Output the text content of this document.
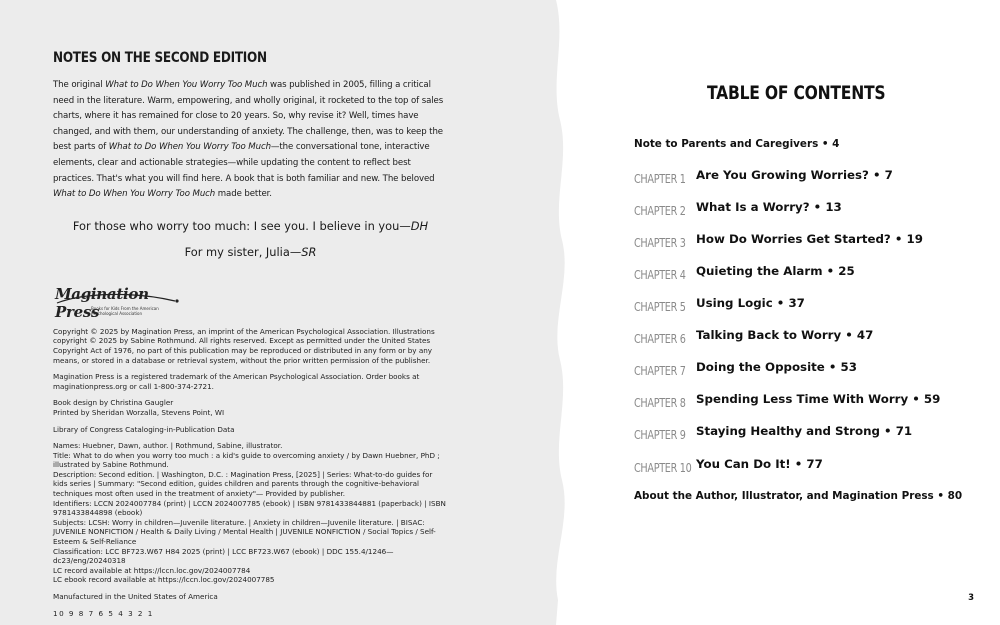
NOTES ON THE SECOND EDITION

The original What to Do When You Worry Too Much was published in 2005, filling a critical need in the literature. Warm, empowering, and wholly original, it rocketed to the top of sales charts, where it has remained for close to 20 years. So, why revise it? Well, times have changed, and with them, our understanding of anxiety. The challenge, then, was to keep the best parts of What to Do When You Worry Too Much—the conversational tone, interactive elements, clear and actionable strategies—while updating the content to reflect best practices. That's what you will find here. A book that is both familiar and new. The beloved What to Do When You Worry Too Much made better.

For those who worry too much: I see you. I believe in you—DH

For my sister, Julia—SR

Magination Press
Books for Kids From the American Psychological Association

Copyright © 2025 by Magination Press, an imprint of the American Psychological Association. Illustrations copyright © 2025 by Sabine Rothmund. All rights reserved. Except as permitted under the United States Copyright Act of 1976, no part of this publication may be reproduced or distributed in any form or by any means, or stored in a database or retrieval system, without the prior written permission of the publisher.

Magination Press is a registered trademark of the American Psychological Association. Order books at maginationpress.org or call 1-800-374-2721.

Book design by Christina Gaugler

Printed by Sheridan Worzalla, Stevens Point, WI

Library of Congress Cataloging-in-Publication Data

Names: Huebner, Dawn, author. | Rothmund, Sabine, illustrator.

Title: What to do when you worry too much : a kid's guide to overcoming anxiety / by Dawn Huebner, PhD ; illustrated by Sabine Rothmund.

Description: Second edition. | Washington, D.C. : Magination Press, [2025] | Series: What-to-do guides for kids series | Summary: "Second edition, guides children and parents through the cognitive-behavioral techniques most often used in the treatment of anxiety"— Provided by publisher.

Identifiers: LCCN 2024007784 (print) | LCCN 2024007785 (ebook) | ISBN 9781433844881 (paperback) | ISBN 9781433844898 (ebook)

Subjects: LCSH: Worry in children—Juvenile literature. | Anxiety in children—Juvenile literature. | BISAC: JUVENILE NONFICTION / Health & Daily Living / Mental Health | JUVENILE NONFICTION / Social Topics / Self-Esteem & Self-Reliance

Classification: LCC BF723.W67 H84 2025 (print) | LCC BF723.W67 (ebook) | DDC 155.4/1246—dc23/eng/20240318

LC record available at https://lccn.loc.gov/2024007784

LC ebook record available at https://lccn.loc.gov/2024007785

Manufactured in the United States of America

10 9 8 7 6 5 4 3 2 1

TABLE OF CONTENTS
Note to Parents and Caregivers • 4
CHAPTER 1 Are You Growing Worries? • 7
CHAPTER 2 What Is a Worry? • 13
CHAPTER 3 How Do Worries Get Started? • 19
CHAPTER 4 Quieting the Alarm • 25
CHAPTER 5 Using Logic • 37
CHAPTER 6 Talking Back to Worry • 47
CHAPTER 7 Doing the Opposite • 53
CHAPTER 8 Spending Less Time With Worry • 59
CHAPTER 9 Staying Healthy and Strong • 71
CHAPTER 10 You Can Do It! • 77
About the Author, Illustrator, and Magination Press • 80
3
